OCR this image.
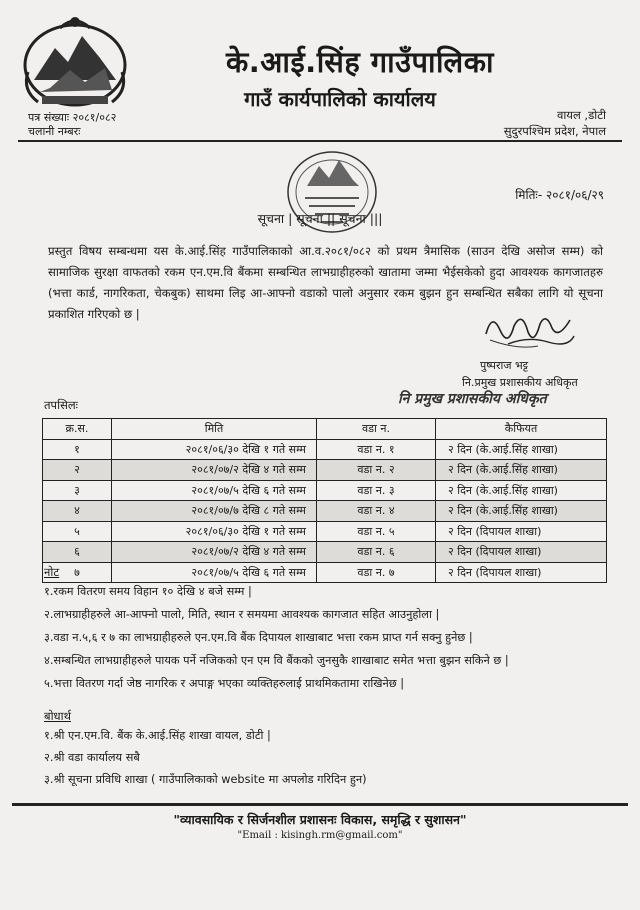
के.आई.सिंह गाउँपालिका
गाउँ कार्यपालिको कार्यालय
पत्र संख्याः २०८१/०८२
चलानी नम्बरः
वायल ,डोटी
सुदुरपश्चिम प्रदेश, नेपाल
मितिः- २०८१/०६/२९
सूचना | सूचना || सूचना |||
प्रस्तुत विषय सम्बन्धमा यस के.आई.सिंह गाउँपालिकाको आ.व.२०८१/०८२ को प्रथम त्रैमासिक (साउन देखि असोज सम्म) को सामाजिक सुरक्षा वाफतको रकम एन.एम.वि बैंकमा सम्बन्धित लाभग्राहीहरुको खातामा जम्मा भैईसकेको हुदा आवश्यक कागजातहरु (भत्ता कार्ड, नागरिकता, चेकबुक) साथमा लिइ आ-आफ्नो वडाको पालो अनुसार रकम बुझन हुन सम्बन्धित सबैका लागि यो सूचना प्रकाशित गरिएको छ |
पुष्पराज भट्ट
नि.प्रमुख प्रशासकीय अधिकृत
नि प्रमुख प्रशासकीय अधिकृत
तपसिलः
क्र.स.	मिति	वडा न.	कैफियत
१	२०८१/०६/३० देखि १ गते सम्म	वडा न. १	२ दिन (के.आई.सिंह शाखा)
२	२०८१/०७/२ देखि ४ गते सम्म	वडा न. २	२ दिन (के.आई.सिंह शाखा)
३	२०८१/०७/५ देखि ६ गते सम्म	वडा न. ३	२ दिन (के.आई.सिंह शाखा)
४	२०८१/०७/७ देखि ८ गते सम्म	वडा न. ४	२ दिन (के.आई.सिंह शाखा)
५	२०८१/०६/३० देखि १ गते सम्म	वडा न. ५	२ दिन (दिपायल शाखा)
६	२०८१/०७/२ देखि ४ गते सम्म	वडा न. ६	२ दिन (दिपायल शाखा)
७	२०८१/०७/५ देखि ६ गते सम्म	वडा न. ७	२ दिन (दिपायल शाखा)
नोट
१.रकम वितरण समय विहान १० देखि ४ बजे सम्म |
२.लाभग्राहीहरुले आ-आफ्नो पालो, मिति, स्थान र समयमा आवश्यक कागजात सहित आउनुहोला |
३.वडा न.५,६ र ७ का लाभग्राहीहरुले एन.एम.वि बैंक दिपायल शाखाबाट भत्ता रकम प्राप्त गर्न सक्नु हुनेछ |
४.सम्बन्धित लाभग्राहीहरुले पायक पर्ने नजिकको एन एम वि बैंकको जुनसुकै शाखाबाट समेत भत्ता बुझन सकिने छ |
५.भत्ता वितरण गर्दा जेष्ठ नागरिक र अपाङ्ग भएका व्यक्तिहरुलाई प्राथमिकतामा राखिनेछ |
बोधार्थ
१.श्री एन.एम.वि. बैंक के.आई.सिंह शाखा वायल, डोटी |
२.श्री वडा कार्यालय सबै
३.श्री सूचना प्रविधि शाखा ( गाउँपालिकाको website मा अपलोड गरिदिन हुन)
"व्यावसायिक र सिर्जनशील प्रशासनः विकास, समृद्धि र सुशासन"
"Email : kisingh.rm@gmail.com"
